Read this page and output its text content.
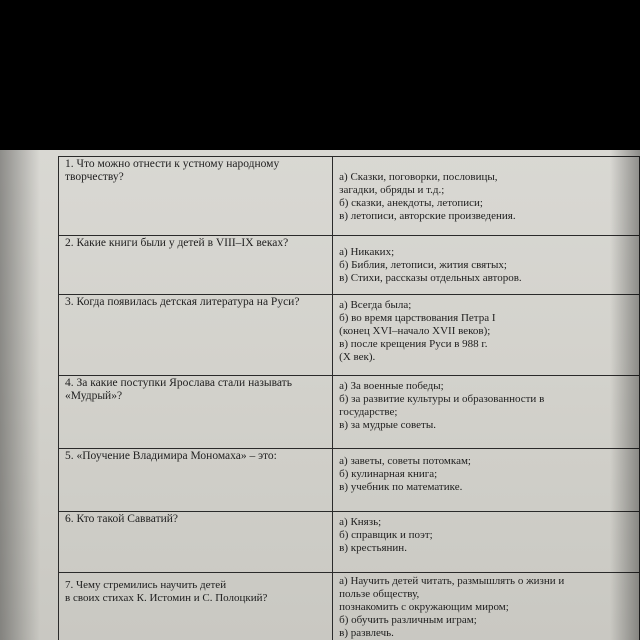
1. Что можно отнести к устному народному
творчеству?	а) Сказки, поговорки, пословицы,
загадки, обряды и т.д.;
б) сказки, анекдоты, летописи;
в) летописи, авторские произведения.

2. Какие книги были у детей в VIII–IX веках?	а) Никаких;
б) Библия, летописи, жития святых;
в) Стихи, рассказы отдельных авторов.

3. Когда появилась детская литература на Руси?	а) Всегда была;
б) во время царствования Петра I
(конец XVI–начало XVII веков);
в) после крещения Руси в 988 г.
(X век).

4. За какие поступки Ярослава стали называть
«Мудрый»?	а) За военные победы;
б) за развитие культуры и образованности в
государстве;
в) за мудрые советы.

5. «Поучение Владимира Мономаха» – это:	а) заветы, советы потомкам;
б) кулинарная книга;
в) учебник по математике.

6. Кто такой Савватий?	а) Князь;
б) справщик и поэт;
в) крестьянин.

7. Чему стремились научить детей
в своих стихах К. Истомин и С. Полоцкий?	а) Научить детей читать, размышлять о жизни и
пользе обществу,
познакомить с окружающим миром;
б) обучить различным играм;
в) развлечь.
